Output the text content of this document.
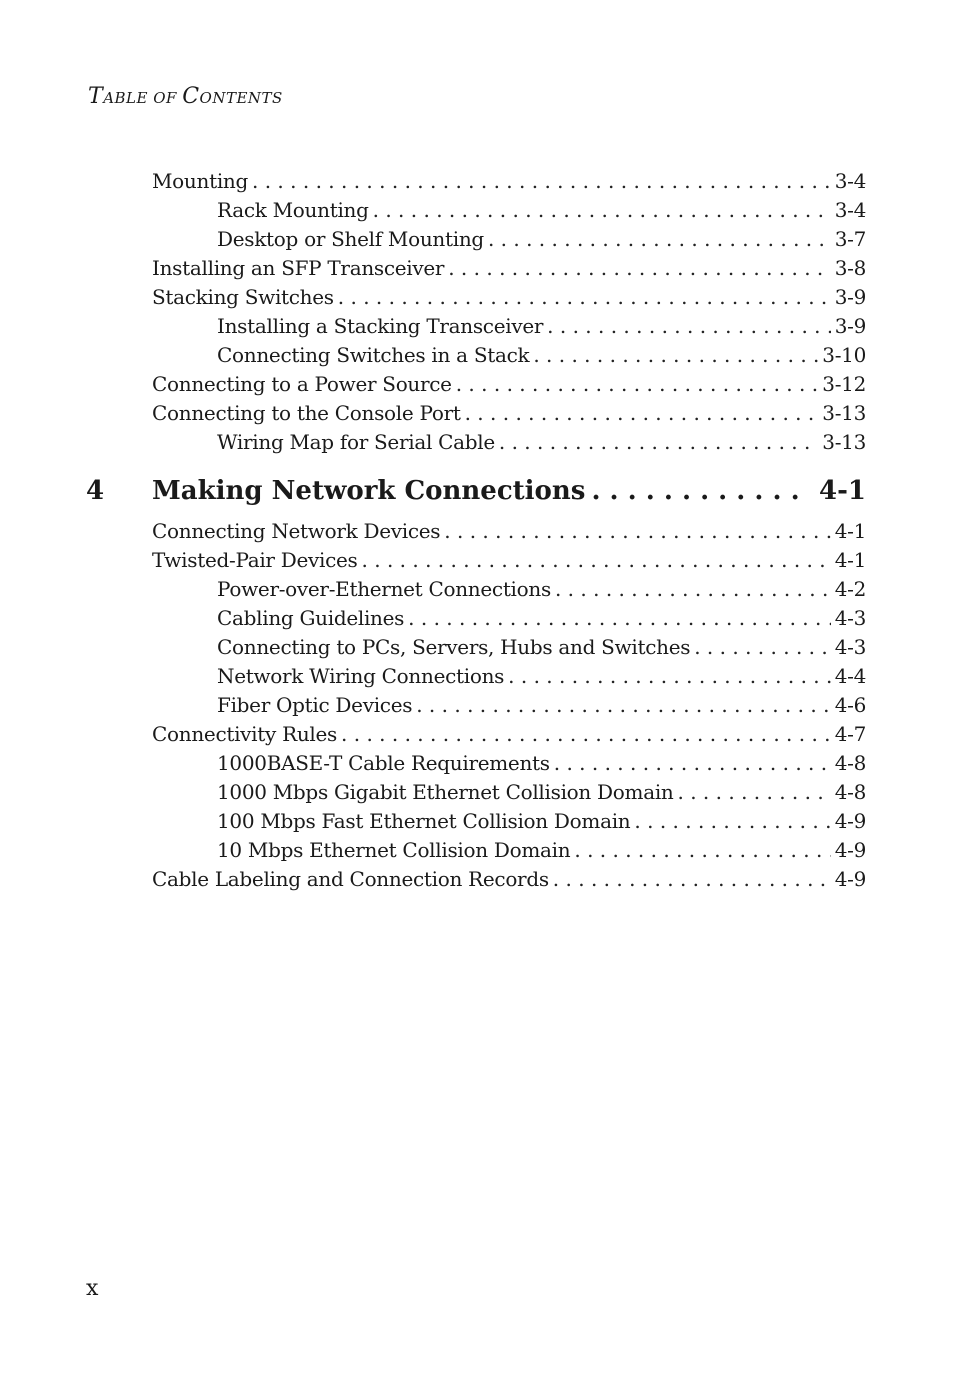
TABLE OF CONTENTS
Mounting . . .	3-4
Rack Mounting . . .	3-4
Desktop or Shelf Mounting . . .	3-7
Installing an SFP Transceiver . . .	3-8
Stacking Switches . . .	3-9
Installing a Stacking Transceiver . . .	3-9
Connecting Switches in a Stack . . .	3-10
Connecting to a Power Source . . .	3-12
Connecting to the Console Port . . .	3-13
Wiring Map for Serial Cable . . .	3-13
4	Making Network Connections . . .	4-1
Connecting Network Devices . . .	4-1
Twisted-Pair Devices . . .	4-1
Power-over-Ethernet Connections . . .	4-2
Cabling Guidelines . . .	4-3
Connecting to PCs, Servers, Hubs and Switches . . .	4-3
Network Wiring Connections . . .	4-4
Fiber Optic Devices . . .	4-6
Connectivity Rules . . .	4-7
1000BASE-T Cable Requirements . . .	4-8
1000 Mbps Gigabit Ethernet Collision Domain . . .	4-8
100 Mbps Fast Ethernet Collision Domain . . .	4-9
10 Mbps Ethernet Collision Domain . . .	4-9
Cable Labeling and Connection Records . . .	4-9
x
